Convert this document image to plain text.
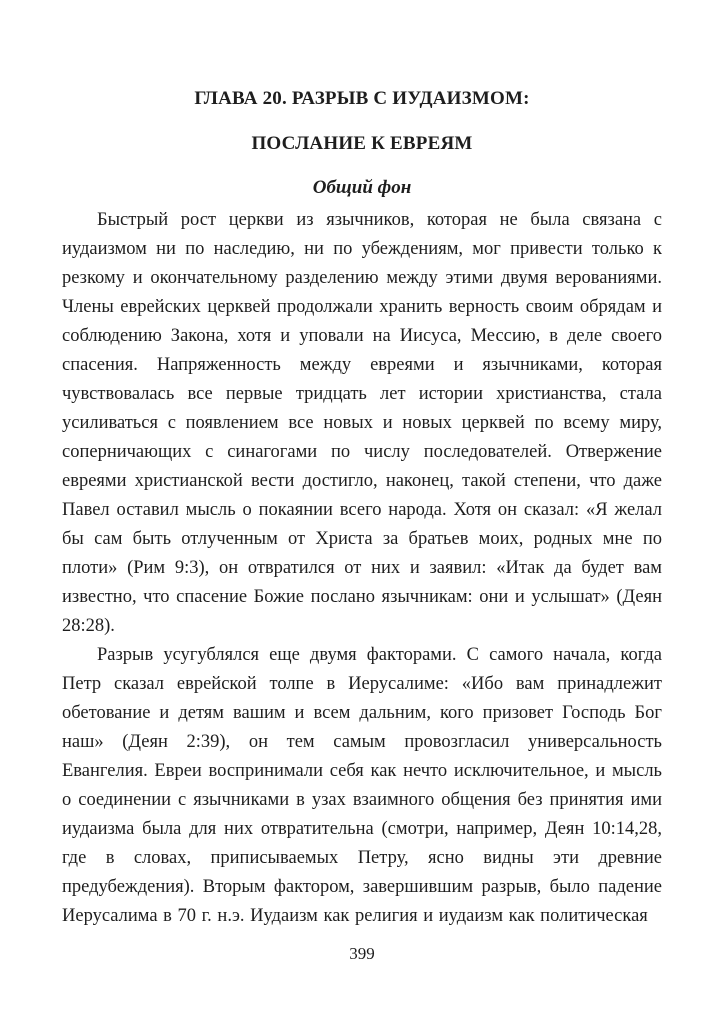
ГЛАВА 20. РАЗРЫВ С ИУДАИЗМОМ:
ПОСЛАНИЕ К ЕВРЕЯМ
Общий фон

Быстрый рост церкви из язычников, которая не была связана с иудаизмом ни по наследию, ни по убеждениям, мог привести только к резкому и окончательному разделению между этими двумя верованиями. Члены еврейских церквей продолжали хранить верность своим обрядам и соблюдению Закона, хотя и уповали на Иисуса, Мессию, в деле своего спасения. Напряженность между евреями и язычниками, которая чувствовалась все первые тридцать лет истории христианства, стала усиливаться с появлением все новых и новых церквей по всему миру, соперничающих с синагогами по числу последователей. Отвержение евреями христианской вести достигло, наконец, такой степени, что даже Павел оставил мысль о покаянии всего народа. Хотя он сказал: «Я желал бы сам быть отлученным от Христа за братьев моих, родных мне по плоти» (Рим 9:3), он отвратился от них и заявил: «Итак да будет вам известно, что спасение Божие послано язычникам: они и услышат» (Деян 28:28).

Разрыв усугублялся еще двумя факторами. С самого начала, когда Петр сказал еврейской толпе в Иерусалиме: «Ибо вам принадлежит обетование и детям вашим и всем дальним, кого призовет Господь Бог наш» (Деян 2:39), он тем самым провозгласил универсальность Евангелия. Евреи воспринимали себя как нечто исключительное, и мысль о соединении с язычниками в узах взаимного общения без принятия ими иудаизма была для них отвратительна (смотри, например, Деян 10:14,28, где в словах, приписываемых Петру, ясно видны эти древние предубеждения). Вторым фактором, завершившим разрыв, было падение Иерусалима в 70 г. н.э. Иудаизм как религия и иудаизм как политическая

399
